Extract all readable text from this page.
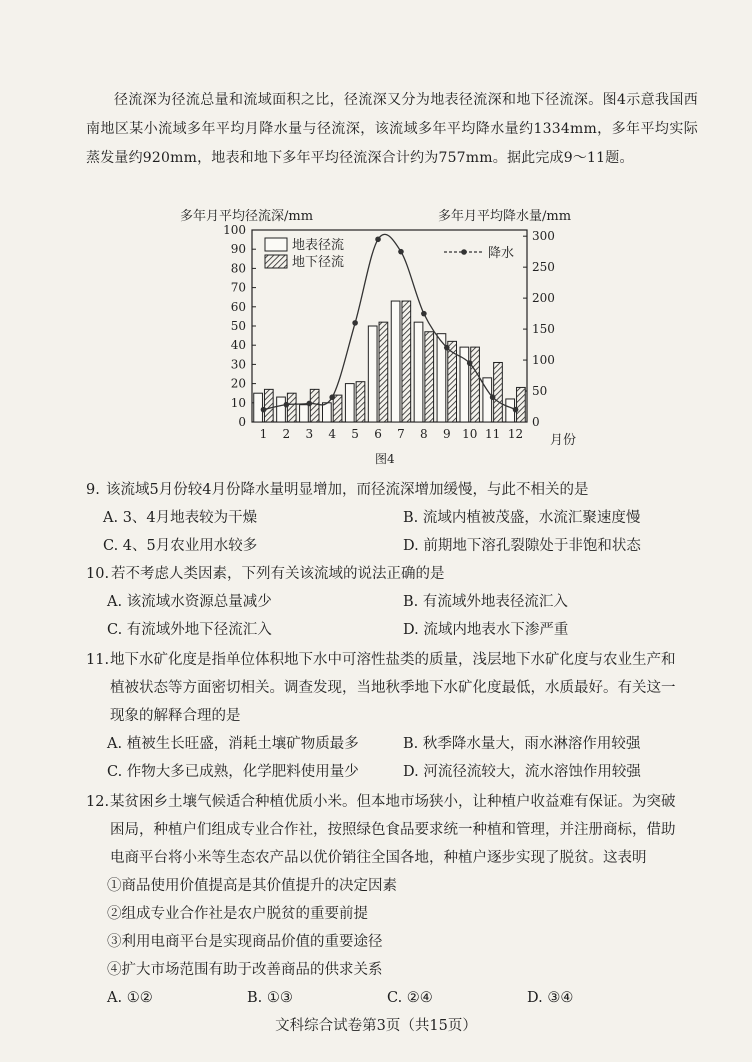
径流深为径流总量和流域面积之比，径流深又分为地表径流深和地下径流深。图4示意我国西南地区某小流域多年平均月降水量与径流深，该流域多年平均降水量约1334mm，多年平均实际蒸发量约920mm，地表和地下多年平均径流深合计约为757mm。据此完成9～11题。
多年月平均径流深/mm	多年月平均降水量/mm
0
10
20
30
40
50
60
70
80
90
100
0
50
100
150
200
250
300
1 2 3 4 5 6 7 8 9 10 11 12
地表径流
地下径流
降水
月份
图4
9. 该流域5月份较4月份降水量明显增加，而径流深增加缓慢，与此不相关的是
A. 3、4月地表较为干燥	B. 流域内植被茂盛，水流汇聚速度慢
C. 4、5月农业用水较多	D. 前期地下溶孔裂隙处于非饱和状态
10. 若不考虑人类因素，下列有关该流域的说法正确的是
A. 该流域水资源总量减少	B. 有流域外地表径流汇入
C. 有流域外地下径流汇入	D. 流域内地表水下渗严重
11. 地下水矿化度是指单位体积地下水中可溶性盐类的质量，浅层地下水矿化度与农业生产和植被状态等方面密切相关。调查发现，当地秋季地下水矿化度最低，水质最好。有关这一现象的解释合理的是
A. 植被生长旺盛，消耗土壤矿物质最多	B. 秋季降水量大，雨水淋溶作用较强
C. 作物大多已成熟，化学肥料使用量少	D. 河流径流较大，流水溶蚀作用较强
12. 某贫困乡土壤气候适合种植优质小米。但本地市场狭小，让种植户收益难有保证。为突破困局，种植户们组成专业合作社，按照绿色食品要求统一种植和管理，并注册商标，借助电商平台将小米等生态农产品以优价销往全国各地，种植户逐步实现了脱贫。这表明
①商品使用价值提高是其价值提升的决定因素
②组成专业合作社是农户脱贫的重要前提
③利用电商平台是实现商品价值的重要途径
④扩大市场范围有助于改善商品的供求关系
A. ①②	B. ①③	C. ②④	D. ③④
文科综合试卷第3页（共15页）
